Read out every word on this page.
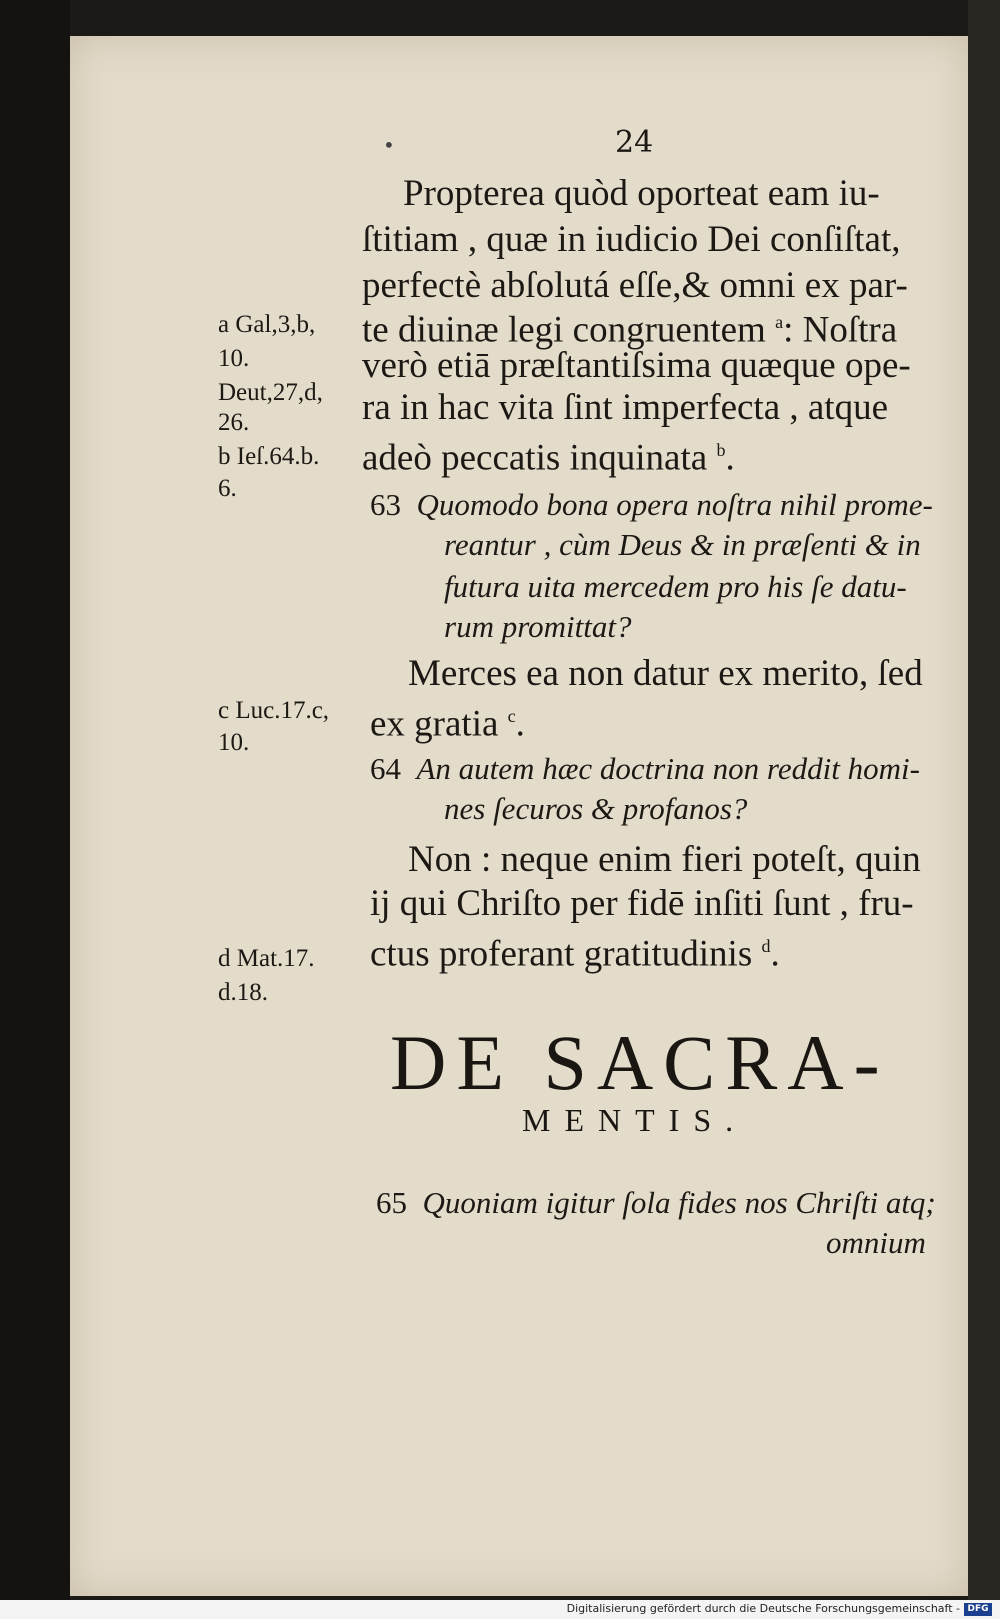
•	24
Propterea quòd oporteat eam iu-
ſtitiam , quæ in iudicio Dei conſiſtat,
perfectè abſolutá eſſe,& omni ex par-
te diuinæ legi congruentem $^a$: Noſtra
verò etiā præſtantiſsima quæque ope-
ra in hac vita ſint imperfecta , atque
adeò peccatis inquinata $^b$.
63 Quomodo bona opera noſtra nihil prome-
reantur , cùm Deus & in præſenti & in
futura uita mercedem pro his ſe datu-
rum promittat?
Merces ea non datur ex merito, ſed
ex gratia $^c$.
64 An autem hæc doctrina non reddit homi-
nes ſecuros & profanos?
Non : neque enim fieri poteſt, quin
ij qui Chriſto per fidē inſiti ſunt , fru-
ctus proferant gratitudinis $^d$.
a Gal,3,b,
10.
Deut,27,d,
26.
b Ieſ.64.b.
6.
c Luc.17.c,
10.
d Mat.17.
d.18.
DE SACRA-
MENTIS.
65 Quoniam igitur ſola fides nos Chriſti atq;
omnium
Digitalisierung gefördert durch die Deutsche Forschungsgemeinschaft - DFG
